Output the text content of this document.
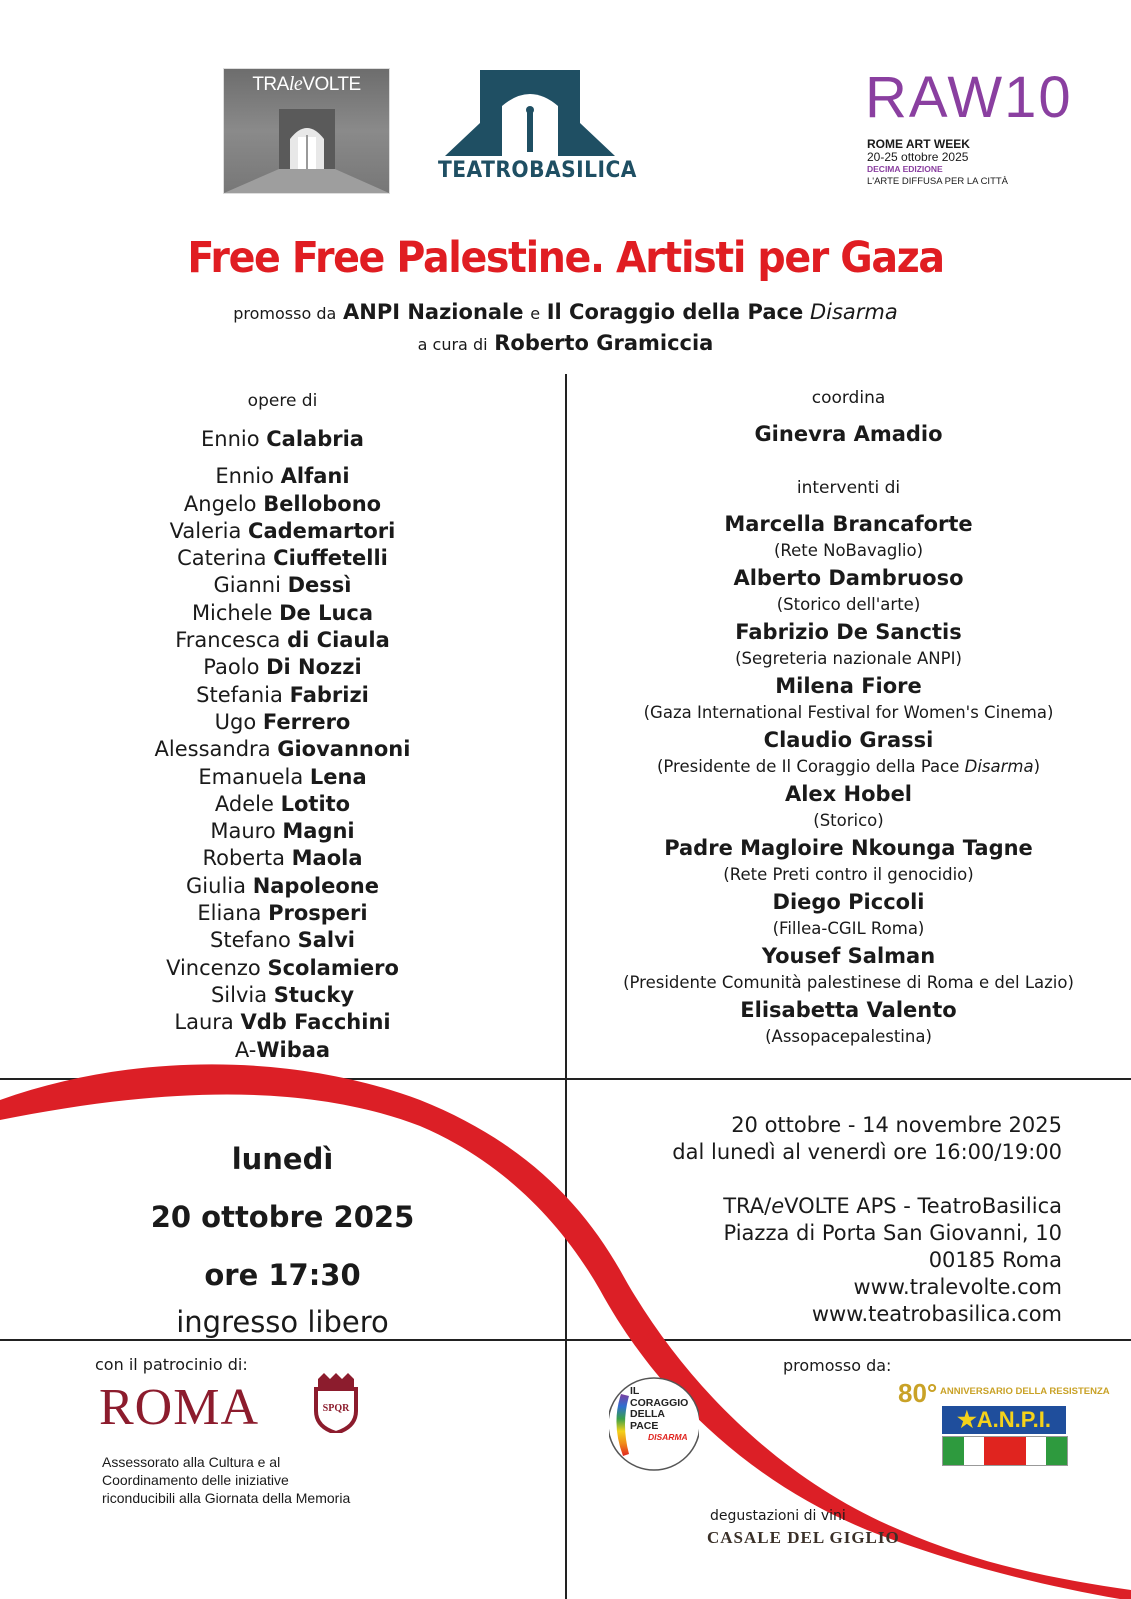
TRAleVOLTE
TEATROBASILICA
RAW10
ROME ART WEEK
20-25 ottobre 2025
DECIMA EDIZIONE
L'ARTE DIFFUSA PER LA CITTÀ
Free Free Palestine. Artisti per Gaza
promosso da ANPI Nazionale e Il Coraggio della Pace Disarma
a cura di Roberto Gramiccia
opere di
Ennio Calabria
Ennio Alfani
Angelo Bellobono
Valeria Cademartori
Caterina Ciuffetelli
Gianni Dessì
Michele De Luca
Francesca di Ciaula
Paolo Di Nozzi
Stefania Fabrizi
Ugo Ferrero
Alessandra Giovannoni
Emanuela Lena
Adele Lotito
Mauro Magni
Roberta Maola
Giulia Napoleone
Eliana Prosperi
Stefano Salvi
Vincenzo Scolamiero
Silvia Stucky
Laura Vdb Facchini
A-Wibaa
coordina
Ginevra Amadio
interventi di
Marcella Brancaforte
(Rete NoBavaglio)
Alberto Dambruoso
(Storico dell'arte)
Fabrizio De Sanctis
(Segreteria nazionale ANPI)
Milena Fiore
(Gaza International Festival for Women's Cinema)
Claudio Grassi
(Presidente de Il Coraggio della Pace Disarma)
Alex Hobel
(Storico)
Padre Magloire Nkounga Tagne
(Rete Preti contro il genocidio)
Diego Piccoli
(Fillea-CGIL Roma)
Yousef Salman
(Presidente Comunità palestinese di Roma e del Lazio)
Elisabetta Valento
(Assopacepalestina)
lunedì
20 ottobre 2025
ore 17:30
ingresso libero
20 ottobre - 14 novembre 2025
dal lunedì al venerdì ore 16:00/19:00
TRA/eVOLTE APS - TeatroBasilica
Piazza di Porta San Giovanni, 10
00185 Roma
www.tralevolte.com
www.teatrobasilica.com
con il patrocinio di:
ROMA	SPQR
Assessorato alla Cultura e al Coordinamento delle iniziative riconducibili alla Giornata della Memoria
promosso da:
IL
CORAGGIO
DELLA
PACE
DISARMA
80° ANNIVERSARIO DELLA RESISTENZA
★A.N.P.I.
degustazioni di vini
CASALE DEL GIGLIO
